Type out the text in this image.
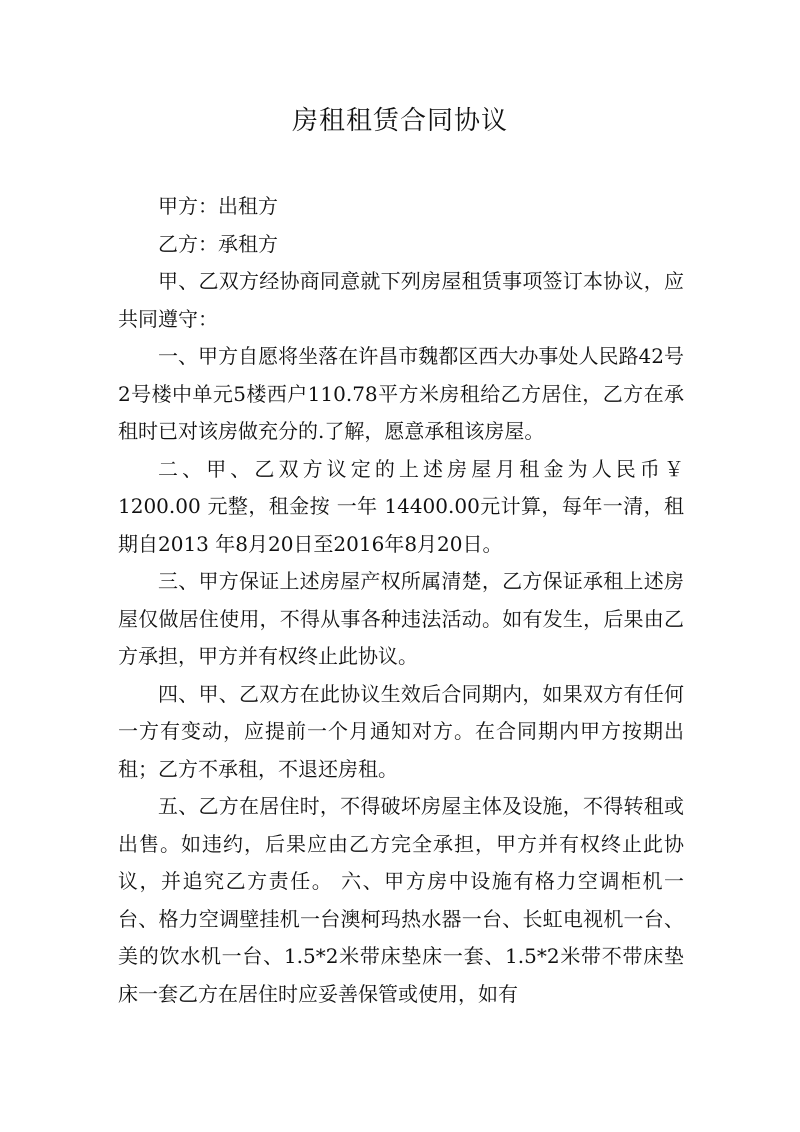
房租租赁合同协议

甲方：出租方

乙方：承租方

甲、乙双方经协商同意就下列房屋租赁事项签订本协议，应共同遵守：

一、甲方自愿将坐落在许昌市魏都区西大办事处人民路42号2号楼中单元5楼西户110.78平方米房租给乙方居住，乙方在承租时已对该房做充分的.了解，愿意承租该房屋。

二、甲、乙双方议定的上述房屋月租金为人民币￥ 1200.00 元整，租金按 一年 14400.00元计算，每年一清，租期自2013 年8月20日至2016年8月20日。

三、甲方保证上述房屋产权所属清楚，乙方保证承租上述房屋仅做居住使用，不得从事各种违法活动。如有发生，后果由乙方承担，甲方并有权终止此协议。

四、甲、乙双方在此协议生效后合同期内，如果双方有任何一方有变动，应提前一个月通知对方。在合同期内甲方按期出租；乙方不承租，不退还房租。

五、乙方在居住时，不得破坏房屋主体及设施，不得转租或出售。如违约，后果应由乙方完全承担，甲方并有权终止此协议，并追究乙方责任。 六、甲方房中设施有格力空调柜机一台、格力空调壁挂机一台澳柯玛热水器一台、长虹电视机一台、美的饮水机一台、1.5*2米带床垫床一套、1.5*2米带不带床垫床一套乙方在居住时应妥善保管或使用，如有
